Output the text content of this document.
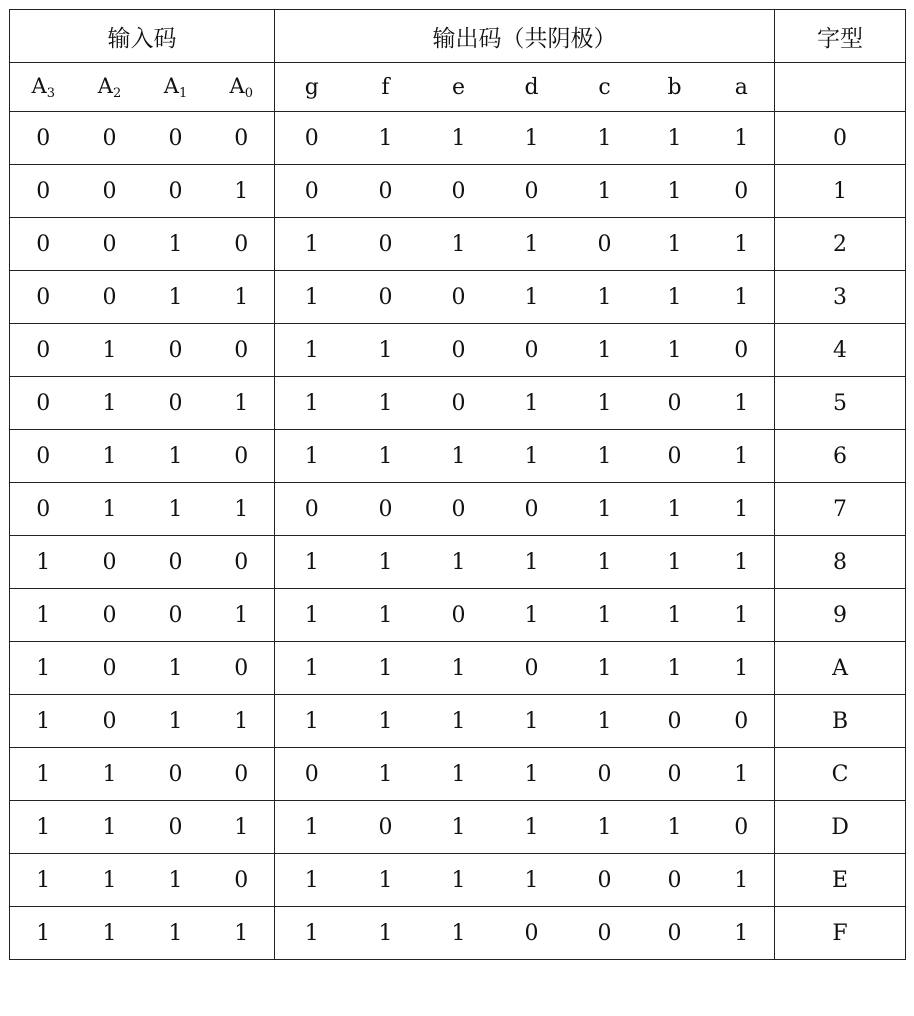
输入码				输出码（共阴极）							字型
$A_3$	$A_2$	$A_1$	$A_0$	g	f	e	d	c	b	a	
0	0	0	0	0	1	1	1	1	1	1	0
0	0	0	1	0	0	0	0	1	1	0	1
0	0	1	0	1	0	1	1	0	1	1	2
0	0	1	1	1	0	0	1	1	1	1	3
0	1	0	0	1	1	0	0	1	1	0	4
0	1	0	1	1	1	0	1	1	0	1	5
0	1	1	0	1	1	1	1	1	0	1	6
0	1	1	1	0	0	0	0	1	1	1	7
1	0	0	0	1	1	1	1	1	1	1	8
1	0	0	1	1	1	0	1	1	1	1	9
1	0	1	0	1	1	1	0	1	1	1	A
1	0	1	1	1	1	1	1	1	0	0	B
1	1	0	0	0	1	1	1	0	0	1	C
1	1	0	1	1	0	1	1	1	1	0	D
1	1	1	0	1	1	1	1	0	0	1	E
1	1	1	1	1	1	1	0	0	0	1	F
